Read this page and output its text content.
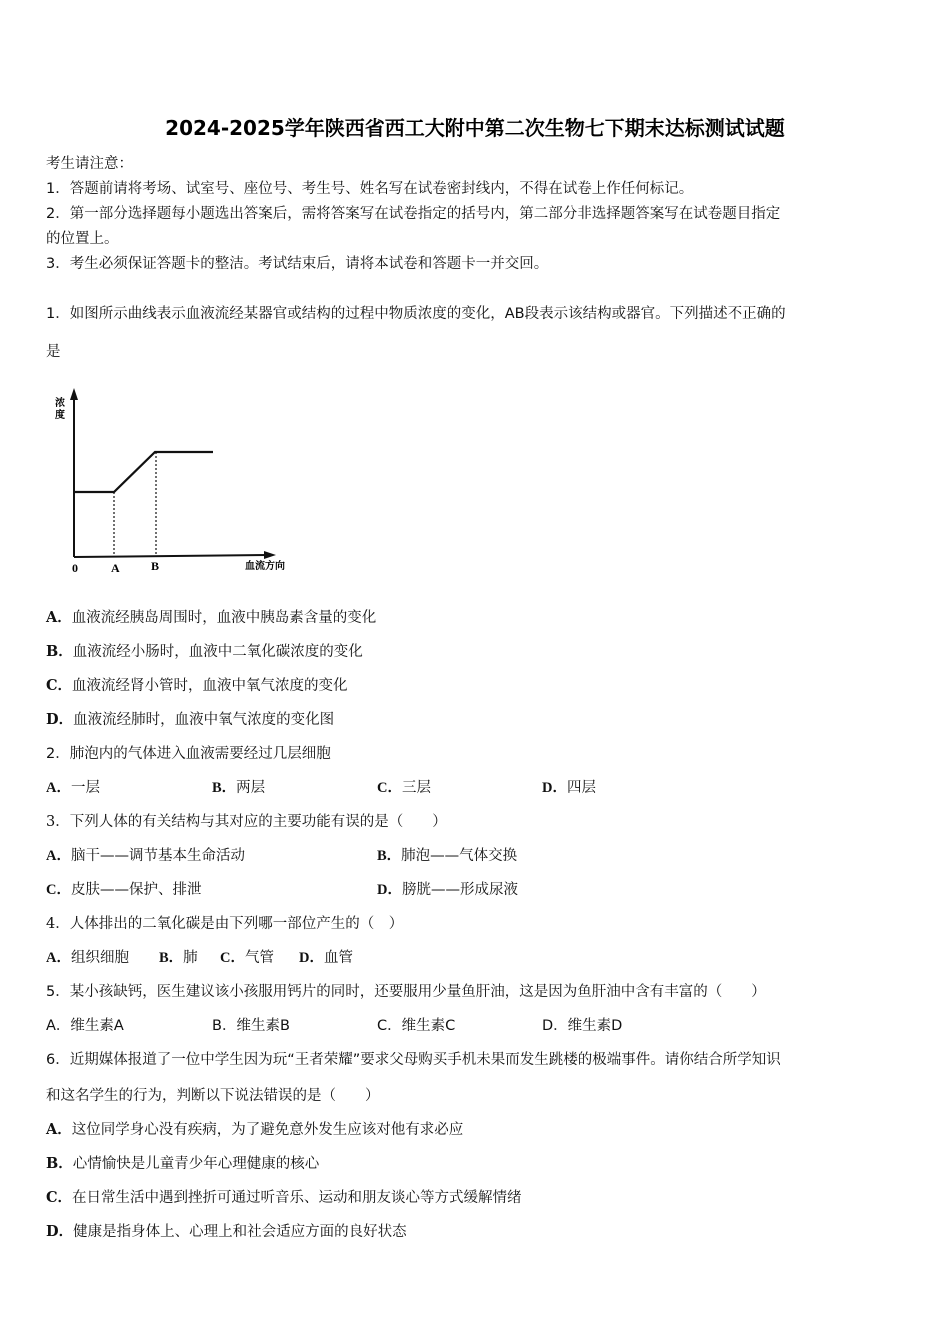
2024-2025学年陕西省西工大附中第二次生物七下期末达标测试试题
考生请注意：
1．答题前请将考场、试室号、座位号、考生号、姓名写在试卷密封线内，不得在试卷上作任何标记。
2．第一部分选择题每小题选出答案后，需将答案写在试卷指定的括号内，第二部分非选择题答案写在试卷题目指定
的位置上。
3．考生必须保证答题卡的整洁。考试结束后，请将本试卷和答题卡一并交回。
1．如图所示曲线表示血液流经某器官或结构的过程中物质浓度的变化，AB段表示该结构或器官。下列描述不正确的
是
浓
度
0	A	B	血流方向
A．血液流经胰岛周围时，血液中胰岛素含量的变化
B．血液流经小肠时，血液中二氧化碳浓度的变化
C．血液流经肾小管时，血液中氧气浓度的变化
D．血液流经肺时，血液中氧气浓度的变化图
2．肺泡内的气体进入血液需要经过几层细胞
A．一层	B．两层	C．三层	D．四层
3．下列人体的有关结构与其对应的主要功能有误的是（　　）
A．脑干——调节基本生命活动	B．肺泡——气体交换
C．皮肤——保护、排泄	D．膀胱——形成尿液
4．人体排出的二氧化碳是由下列哪一部位产生的（　）
A．组织细胞 B．肺 C．气管 D．血管
5．某小孩缺钙，医生建议该小孩服用钙片的同时，还要服用少量鱼肝油，这是因为鱼肝油中含有丰富的（　　）
A．维生素A	B．维生素B	C．维生素C	D．维生素D
6．近期媒体报道了一位中学生因为玩“王者荣耀”要求父母购买手机未果而发生跳楼的极端事件。请你结合所学知识
和这名学生的行为，判断以下说法错误的是（　　）
A．这位同学身心没有疾病，为了避免意外发生应该对他有求必应
B．心情愉快是儿童青少年心理健康的核心
C．在日常生活中遇到挫折可通过听音乐、运动和朋友谈心等方式缓解情绪
D．健康是指身体上、心理上和社会适应方面的良好状态
